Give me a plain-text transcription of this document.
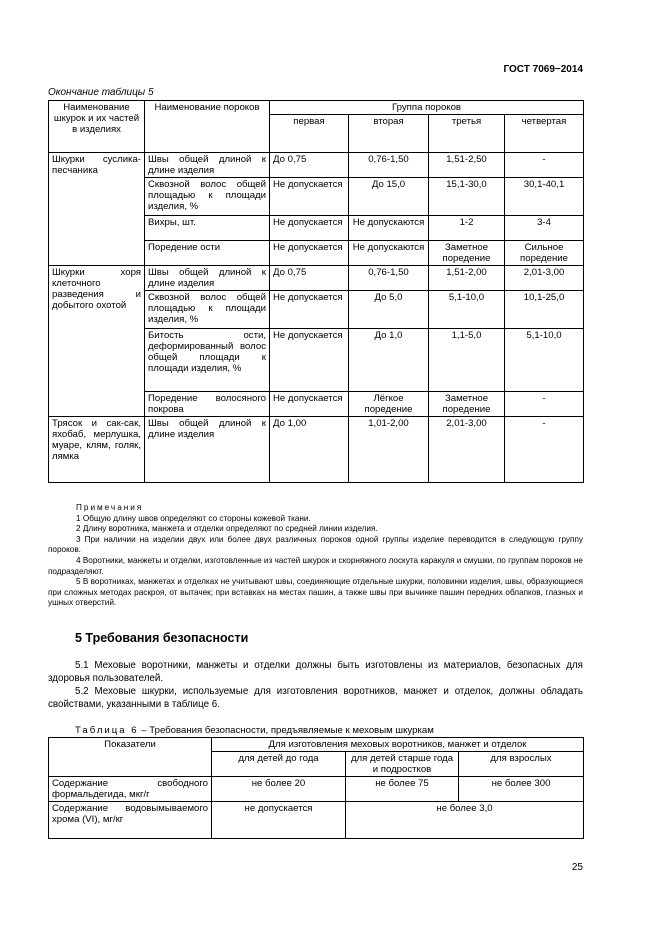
ГОСТ 7069−2014
Окончание таблицы 5
Наименование шкурок и их частей в изделиях	Наименование пороков	Группа пороков			
		первая	вторая	третья	четвертая
Шкурки суслика-песчаника	Швы общей длиной к длине изделия	До 0,75	0,76-1,50	1,51-2,50	-
	Сквозной волос общей площадью к площади изделия, %	Не допускается	До 15,0	15,1-30,0	30,1-40,1
	Вихры, шт.	Не допускается	Не допускаются	1-2	3-4
	Поредение ости	Не допускается	Не допускаются	Заметное поредение	Сильное поредение
Шкурки хоря клеточного разведения и добытого охотой	Швы общей длиной к длине изделия	До 0,75	0,76-1,50	1,51-2,00	2,01-3,00
	Сквозной волос общей площадью к площади изделия, %	Не допускается	До 5,0	5,1-10,0	10,1-25,0
	Битость ости, деформированный волос общей площади к площади изделия, %	Не допускается	До 1,0	1,1-5,0	5,1-10,0
	Поредение волосяного покрова	Не допускается	Лёгкое поредение	Заметное поредение	-
Трясок и сак-сак, яхобаб, мерлушка, муаре, клям, голяк, лямка	Швы общей длиной к длине изделия	До 1,00	1,01-2,00	2,01-3,00	-
Примечания

1 Общую длину швов определяют со стороны кожевой ткани.

2 Длину воротника, манжета и отделки определяют по средней линии изделия.

3 При наличии на изделии двух или более двух различных пороков одной группы изделие переводится в следующую группу пороков.

4 Воротники, манжеты и отделки, изготовленные из частей шкурок и скорняжного лоскута каракуля и смушки, по группам пороков не подразделяют.

5 В воротниках, манжетах и отделках не учитывают швы, соединяющие отдельные шкурки, половинки изделия, швы, образующиеся при сложных методах раскроя, от вытачек; при вставках на местах пашин, а также швы при вычинке пашин передних облапков, глазных и ушных отверстий.

5 Требования безопасности

5.1 Меховые воротники, манжеты и отделки должны быть изготовлены из материалов, безопасных для здоровья пользователей.

5.2 Меховые шкурки, используемые для изготовления воротников, манжет и отделок, должны обладать свойствами, указанными в таблице 6.

Таблица 6 – Требования безопасности, предъявляемые к меховым шкуркам
Показатели	Для изготовления меховых воротников, манжет и отделок		
	для детей до года	для детей старше года и подростков	для взрослых
Содержание свободного формальдегида, мкг/г	не более 20	не более 75	не более 300
Содержание водовымываемого хрома (VI), мг/кг	не допускается	не более 3,0	
25
